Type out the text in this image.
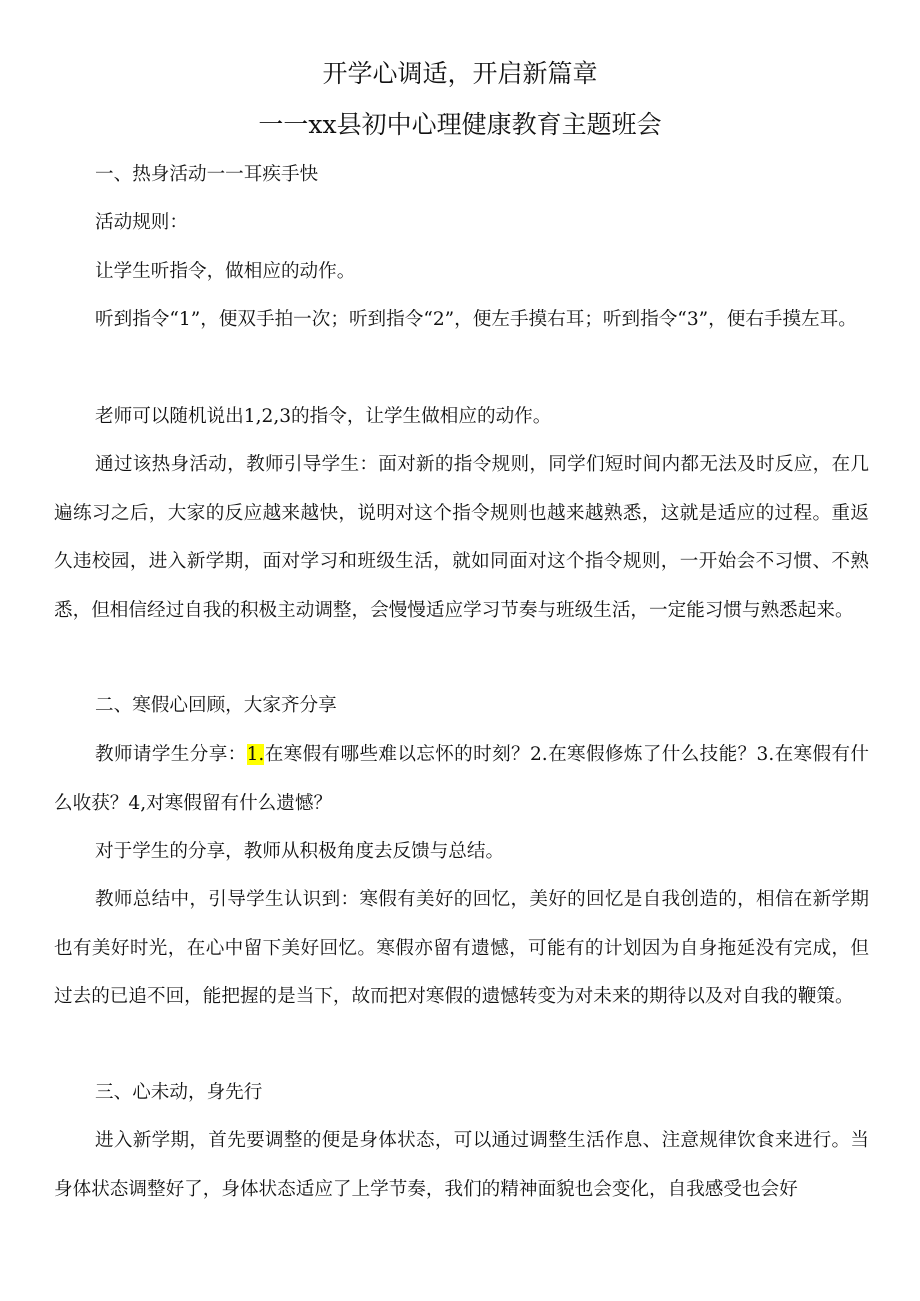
开学心调适，开启新篇章
一一xx县初中心理健康教育主题班会

一、热身活动一一耳疾手快

活动规则：

让学生听指令，做相应的动作。

听到指令“1”，便双手拍一次；听到指令“2”，便左手摸右耳；听到指令“3”，便右手摸左耳。

老师可以随机说出1,2,3的指令，让学生做相应的动作。

通过该热身活动，教师引导学生：面对新的指令规则，同学们短时间内都无法及时反应，在几遍练习之后，大家的反应越来越快，说明对这个指令规则也越来越熟悉，这就是适应的过程。重返久违校园，进入新学期，面对学习和班级生活，就如同面对这个指令规则，一开始会不习惯、不熟悉，但相信经过自我的积极主动调整，会慢慢适应学习节奏与班级生活，一定能习惯与熟悉起来。

二、寒假心回顾，大家齐分享

教师请学生分享：1.在寒假有哪些难以忘怀的时刻？2.在寒假修炼了什么技能？3.在寒假有什么收获？4,对寒假留有什么遗憾？

对于学生的分享，教师从积极角度去反馈与总结。

教师总结中，引导学生认识到：寒假有美好的回忆，美好的回忆是自我创造的，相信在新学期也有美好时光，在心中留下美好回忆。寒假亦留有遗憾，可能有的计划因为自身拖延没有完成，但过去的已追不回，能把握的是当下，故而把对寒假的遗憾转变为对未来的期待以及对自我的鞭策。

三、心未动，身先行

进入新学期，首先要调整的便是身体状态，可以通过调整生活作息、注意规律饮食来进行。当身体状态调整好了，身体状态适应了上学节奏，我们的精神面貌也会变化，自我感受也会好
